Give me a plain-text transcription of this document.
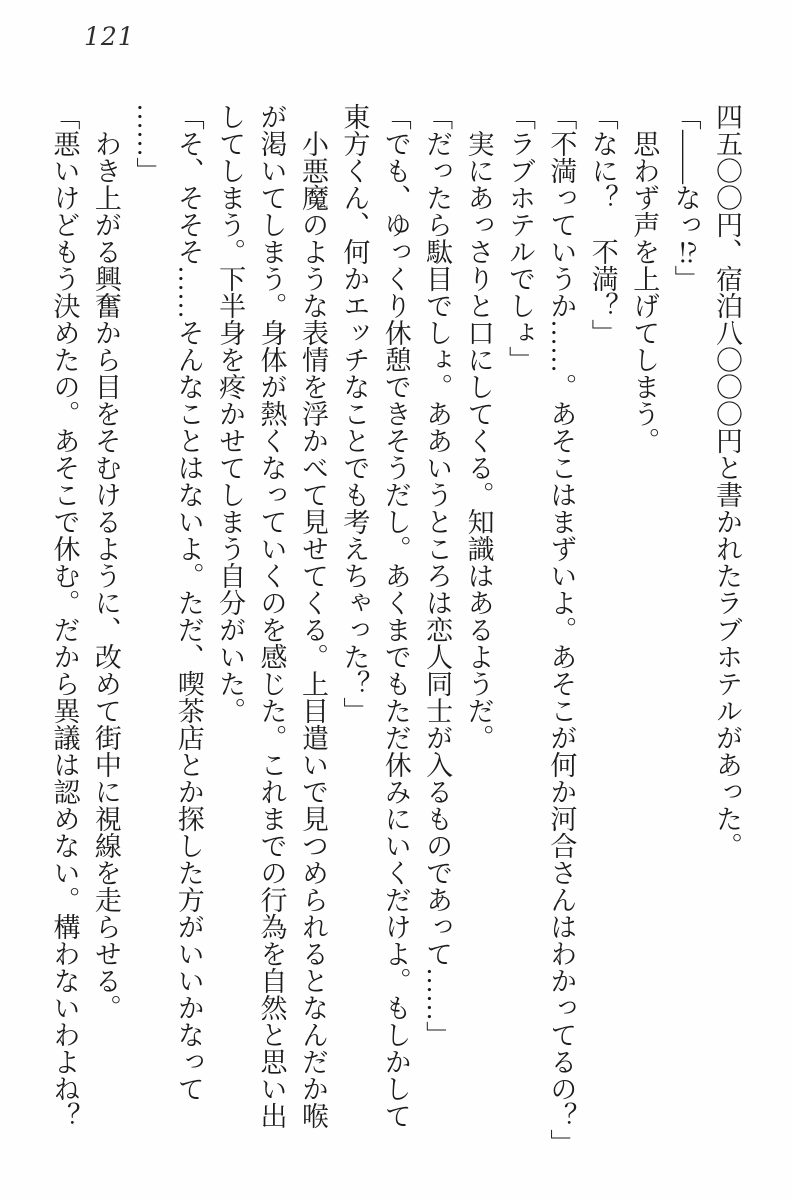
121

四五〇〇円、宿泊八〇〇〇円と書かれたラブホテルがあった。

「――なっ⁉」

思わず声を上げてしまう。

「なに？　不満？」

「不満っていうか……。あそこはまずいよ。あそこが何か河合さんはわかってるの？」

「ラブホテルでしょ」

実にあっさりと口にしてくる。知識はあるようだ。

「だったら駄目でしょ。ああいうところは恋人同士が入るものであって……」

「でも、ゆっくり休憩できそうだし。あくまでもただ休みにいくだけよ。もしかして

東方くん、何かエッチなことでも考えちゃった？」

小悪魔のような表情を浮かべて見せてくる。上目遣いで見つめられるとなんだか喉

が渇いてしまう。身体が熱くなっていくのを感じた。これまでの行為を自然と思い出

してしまう。下半身を疼かせてしまう自分がいた。

「そ、そそそ……そんなことはないよ。ただ、喫茶店とか探した方がいいかなって

……」

わき上がる興奮から目をそむけるように、改めて街中に視線を走らせる。

「悪いけどもう決めたの。あそこで休む。だから異議は認めない。構わないわよね？
